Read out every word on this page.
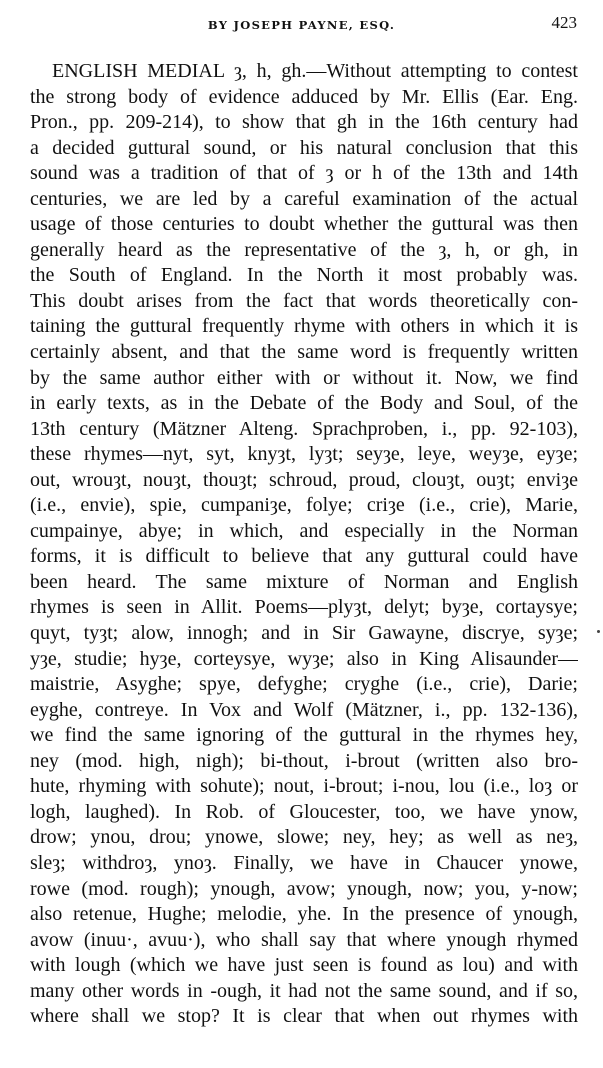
BY JOSEPH PAYNE, ESQ.	423
ENGLISH MEDIAL ȝ, h, gh.—Without attempting to contest
the strong body of evidence adduced by Mr. Ellis (Ear. Eng.
Pron., pp. 209-214), to show that gh in the 16th century had
a decided guttural sound, or his natural conclusion that this
sound was a tradition of that of ȝ or h of the 13th and 14th
centuries, we are led by a careful examination of the actual
usage of those centuries to doubt whether the guttural was then
generally heard as the representative of the ȝ, h, or gh, in
the South of England. In the North it most probably was.
This doubt arises from the fact that words theoretically con-
taining the guttural frequently rhyme with others in which it is
certainly absent, and that the same word is frequently written
by the same author either with or without it. Now, we find
in early texts, as in the Debate of the Body and Soul, of the
13th century (Mätzner Alteng. Sprachproben, i., pp. 92-103),
these rhymes—nyt, syt, knyȝt, lyȝt; seyȝe, leye, weyȝe, eyȝe;
out, wrouȝt, nouȝt, thouȝt; schroud, proud, clouȝt, ouȝt; enviȝe
(i.e., envie), spie, cumpaniȝe, folye; criȝe (i.e., crie), Marie,
cumpainye, abye; in which, and especially in the Norman
forms, it is difficult to believe that any guttural could have
been heard. The same mixture of Norman and English
rhymes is seen in Allit. Poems—plyȝt, delyt; byȝe, cortaysye;
quyt, tyȝt; alow, innogh; and in Sir Gawayne, discrye, syȝe;
yȝe, studie; hyȝe, corteysye, wyȝe; also in King Alisaunder—
maistrie, Asyghe; spye, defyghe; cryghe (i.e., crie), Darie;
eyghe, contreye. In Vox and Wolf (Mätzner, i., pp. 132-136),
we find the same ignoring of the guttural in the rhymes hey,
ney (mod. high, nigh); bi-thout, i-brout (written also bro-
hute, rhyming with sohute); nout, i-brout; i-nou, lou (i.e., loȝ or
logh, laughed). In Rob. of Gloucester, too, we have ynow,
drow; ynou, drou; ynowe, slowe; ney, hey; as well as neȝ,
sleȝ; withdroȝ, ynoȝ. Finally, we have in Chaucer ynowe,
rowe (mod. rough); ynough, avow; ynough, now; you, y-now;
also retenue, Hughe; melodie, yhe. In the presence of ynough,
avow (inuu·, avuu·), who shall say that where ynough rhymed
with lough (which we have just seen is found as lou) and with
many other words in -ough, it had not the same sound, and if so,
where shall we stop? It is clear that when out rhymes with
